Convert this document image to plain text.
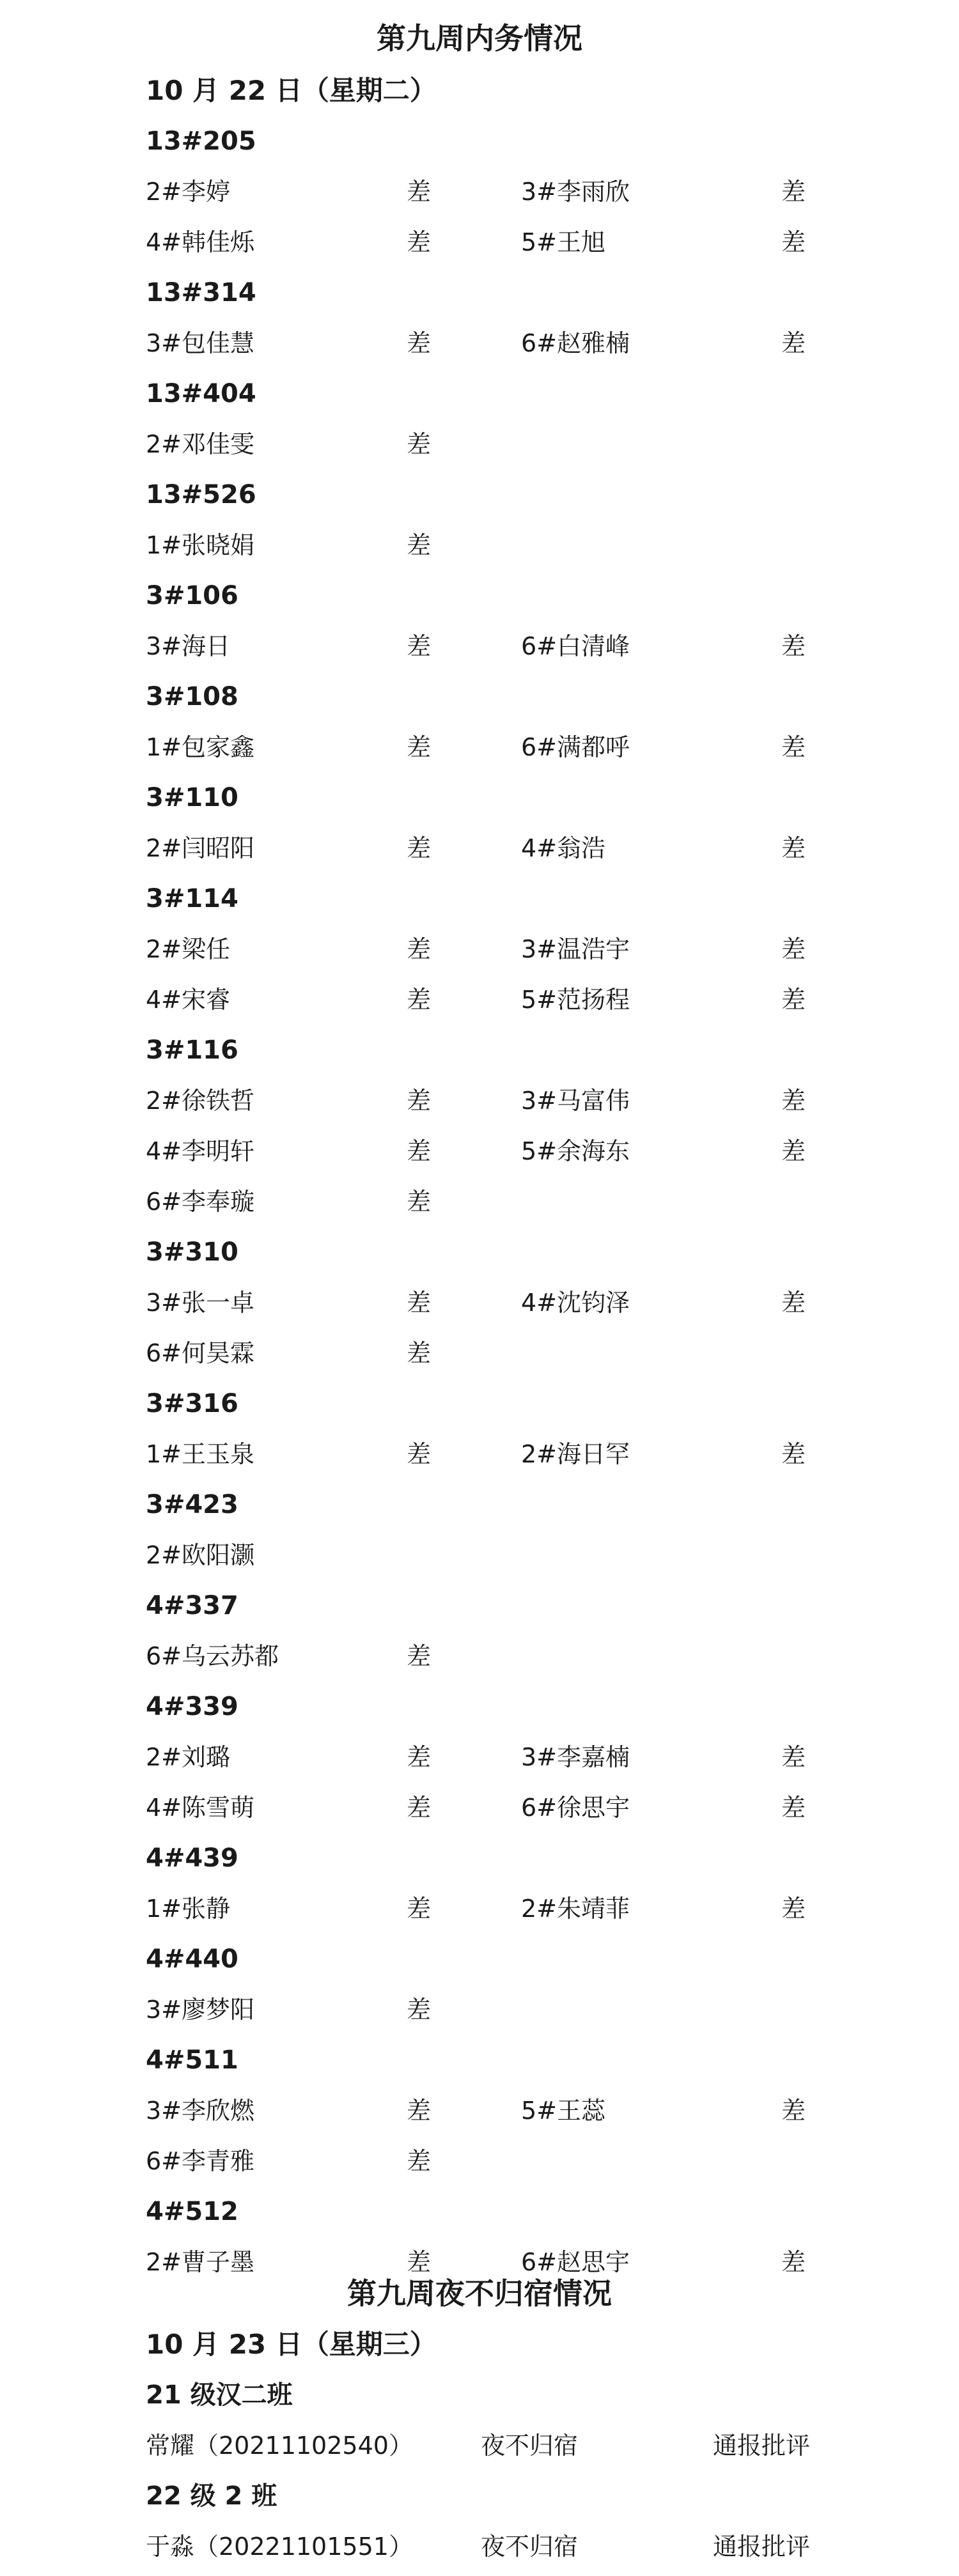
第九周内务情况
10 月 22 日（星期二）
13#205
2#李婷	差	3#李雨欣	差
4#韩佳烁	差	5#王旭	差
13#314
3#包佳慧	差	6#赵雅楠	差
13#404
2#邓佳雯	差
13#526
1#张晓娟	差
3#106
3#海日	差	6#白清峰	差
3#108
1#包家鑫	差	6#满都呼	差
3#110
2#闫昭阳	差	4#翁浩	差
3#114
2#梁任	差	3#温浩宇	差
4#宋睿	差	5#范扬程	差
3#116
2#徐铁哲	差	3#马富伟	差
4#李明轩	差	5#余海东	差
6#李奉璇	差
3#310
3#张一卓	差	4#沈钧泽	差
6#何昊霖	差
3#316
1#王玉泉	差	2#海日罕	差
3#423
2#欧阳灏
4#337
6#乌云苏都	差
4#339
2#刘璐	差	3#李嘉楠	差
4#陈雪萌	差	6#徐思宇	差
4#439
1#张静	差	2#朱靖菲	差
4#440
3#廖梦阳	差
4#511
3#李欣燃	差	5#王蕊	差
6#李青雅	差
4#512
2#曹子墨	差	6#赵思宇	差
第九周夜不归宿情况
10 月 23 日（星期三）
21 级汉二班
常耀（20211102540）	夜不归宿	通报批评
22 级 2 班
于淼（20221101551）	夜不归宿	通报批评
